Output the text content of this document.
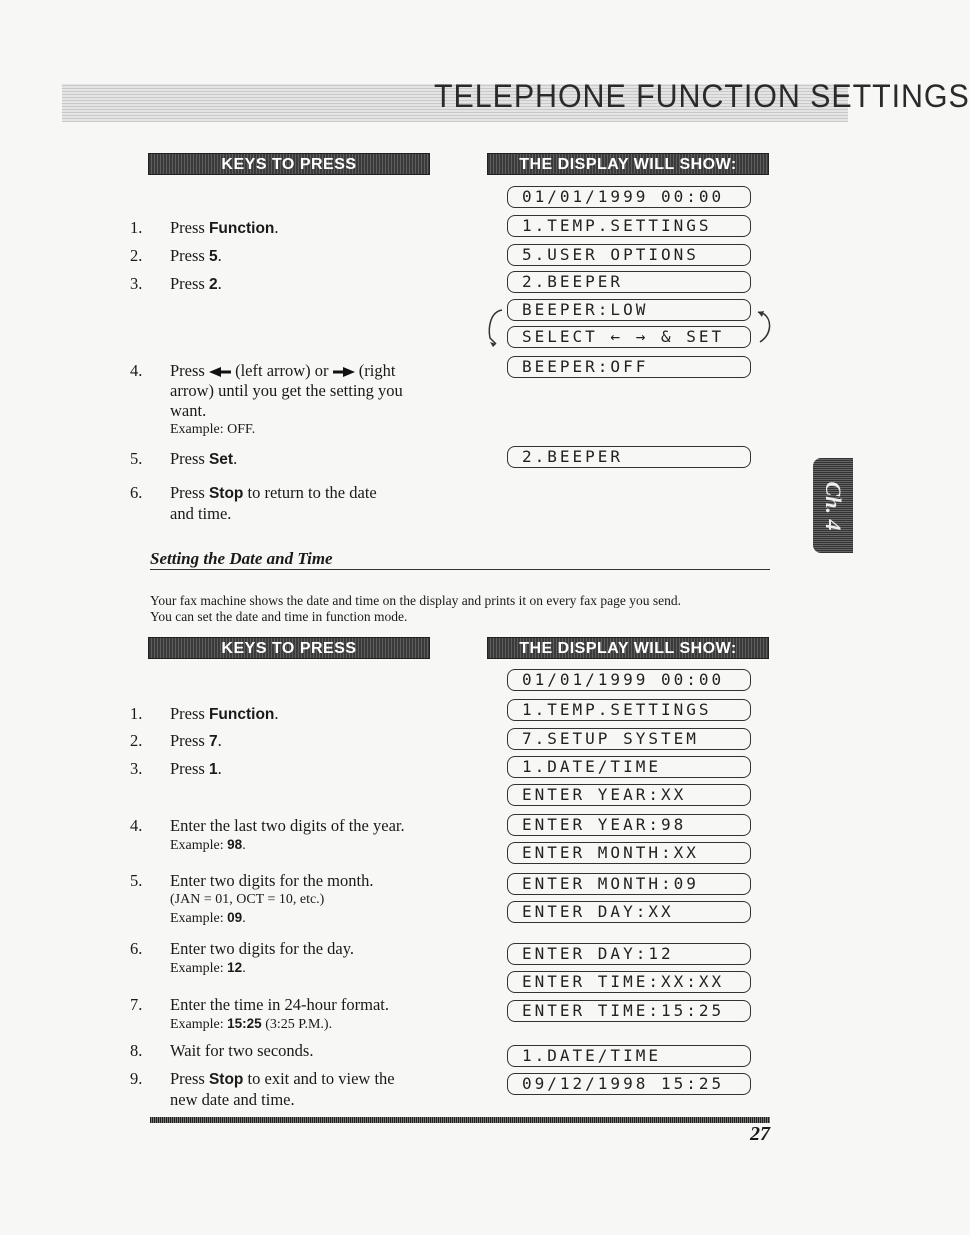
TELEPHONE FUNCTION SETTINGS
KEYS TO PRESS	THE DISPLAY WILL SHOW:
1. Press Function.
2. Press 5.
3. Press 2.
4. Press  (left arrow) or  (right
arrow) until you get the setting you
want.
Example: OFF.
5. Press Set.
6. Press Stop to return to the date
and time.
01/01/1999 00:00
1.TEMP.SETTINGS
5.USER OPTIONS
2.BEEPER
BEEPER:LOW
SELECT ← → & SET
BEEPER:OFF
2.BEEPER
Ch. 4
Setting the Date and Time
Your fax machine shows the date and time on the display and prints it on every fax page you send.
You can set the date and time in function mode.
KEYS TO PRESS	THE DISPLAY WILL SHOW:
1. Press Function.
2. Press 7.
3. Press 1.
4. Enter the last two digits of the year.
Example: 98.
5. Enter two digits for the month.
(JAN = 01, OCT = 10, etc.)
Example: 09.
6. Enter two digits for the day.
Example: 12.
7. Enter the time in 24-hour format.
Example: 15:25 (3:25 P.M.).
8. Wait for two seconds.
9. Press Stop to exit and to view the
new date and time.
01/01/1999 00:00
1.TEMP.SETTINGS
7.SETUP SYSTEM
1.DATE/TIME
ENTER YEAR:XX
ENTER YEAR:98
ENTER MONTH:XX
ENTER MONTH:09
ENTER DAY:XX
ENTER DAY:12
ENTER TIME:XX:XX
ENTER TIME:15:25
1.DATE/TIME
09/12/1998 15:25
27
